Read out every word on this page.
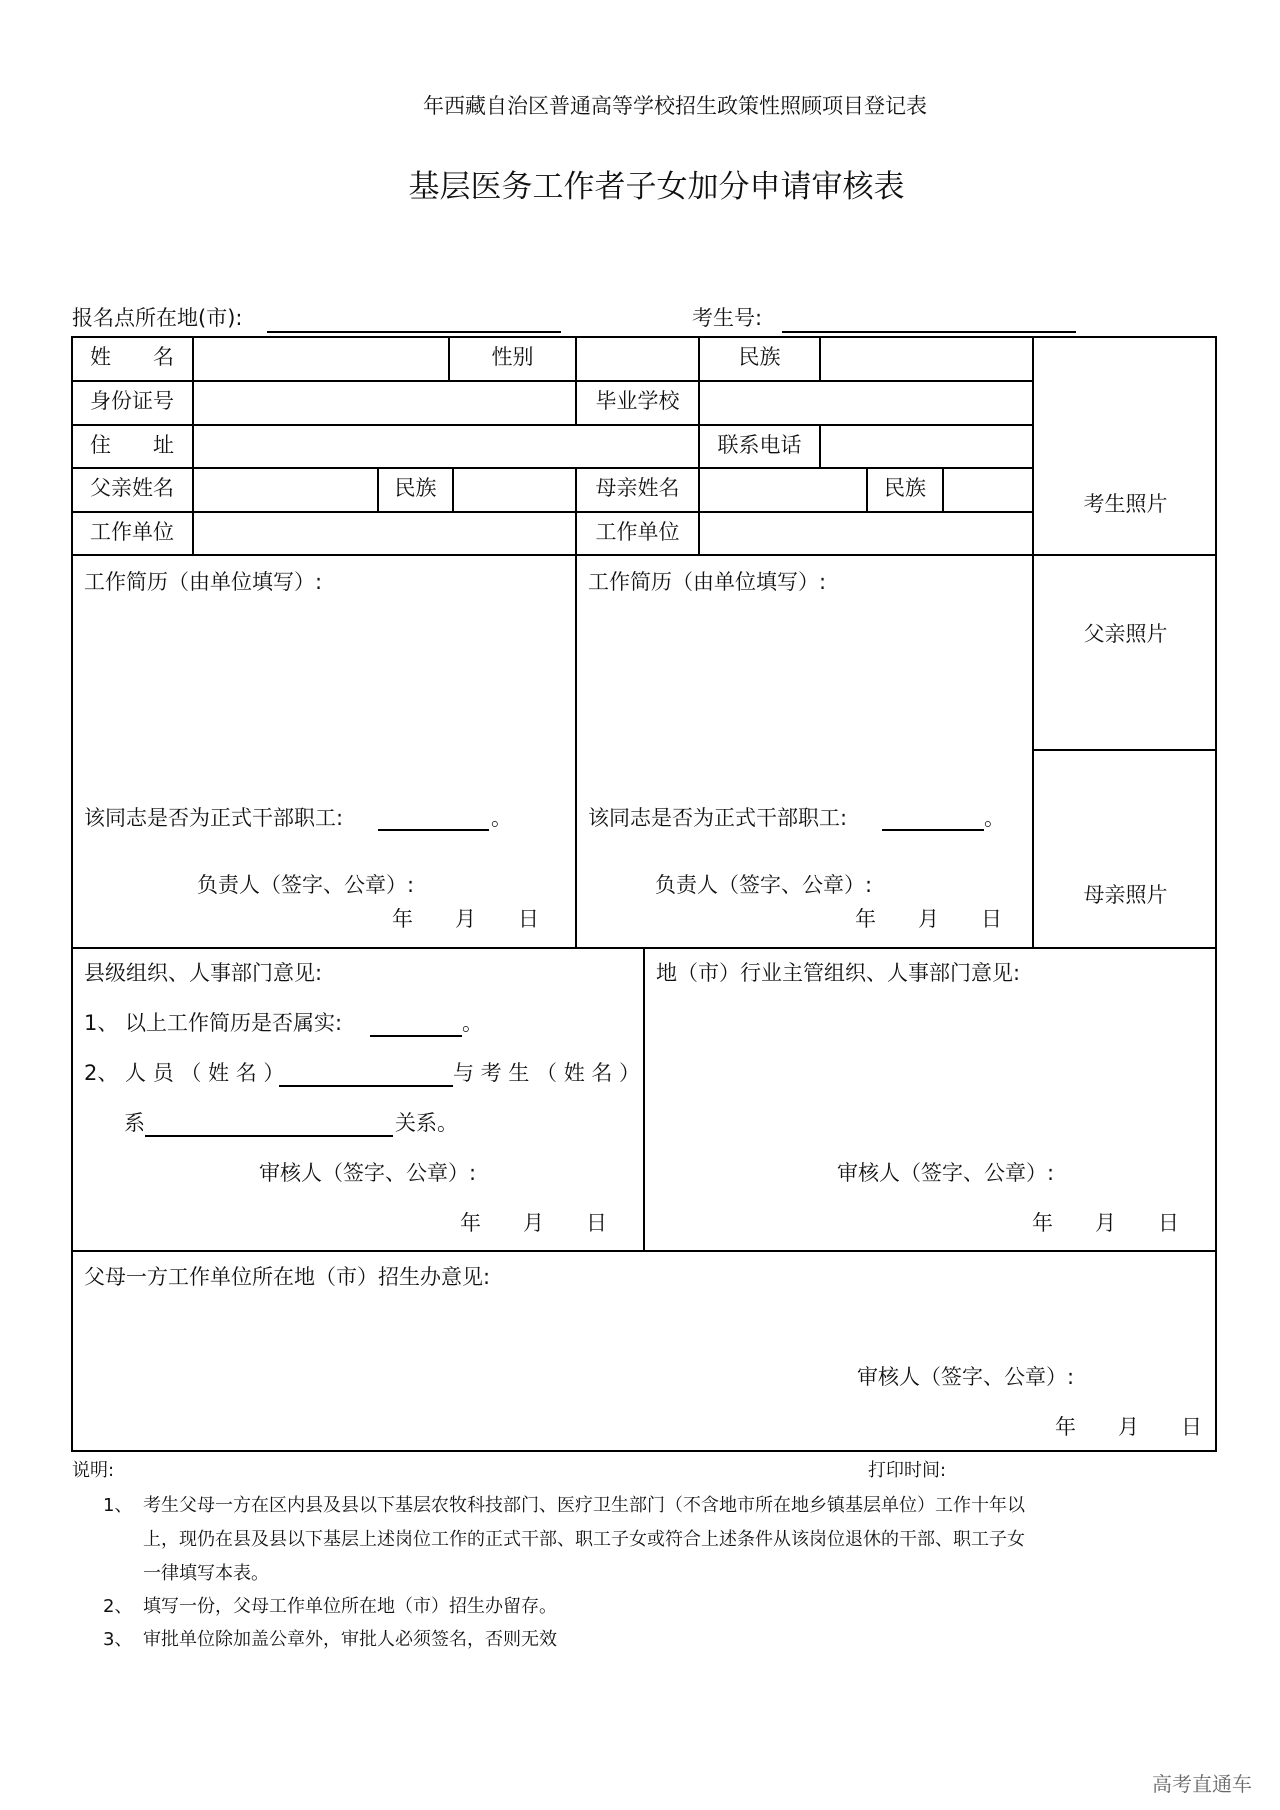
年西藏自治区普通高等学校招生政策性照顾项目登记表
基层医务工作者子女加分申请审核表
报名点所在地(市):	考生号:
姓　　名	性别	民族
身份证号	毕业学校
住　　址	联系电话
父亲姓名	民族	母亲姓名	民族
工作单位	工作单位
考生照片
父亲照片
母亲照片
工作简历（由单位填写）:
该同志是否为正式干部职工:	。
负责人（签字、公章）:
年　　月　　日
工作简历（由单位填写）:
该同志是否为正式干部职工:	。
负责人（签字、公章）:
年　　月　　日
县级组织、人事部门意见:
1、 以上工作简历是否属实:	。
2、 人 员 （ 姓 名 ）	与 考 生 （ 姓 名 ）
系	关系。
审核人（签字、公章）:
年　　月　　日
地（市）行业主管组织、人事部门意见:
审核人（签字、公章）:
年　　月　　日
父母一方工作单位所在地（市）招生办意见:
审核人（签字、公章）:
年　　月　　日
说明:	打印时间:
1、 考生父母一方在区内县及县以下基层农牧科技部门、医疗卫生部门（不含地市所在地乡镇基层单位）工作十年以
上，现仍在县及县以下基层上述岗位工作的正式干部、职工子女或符合上述条件从该岗位退休的干部、职工子女
一律填写本表。
2、 填写一份，父母工作单位所在地（市）招生办留存。
3、 审批单位除加盖公章外，审批人必须签名，否则无效
高考直通车
